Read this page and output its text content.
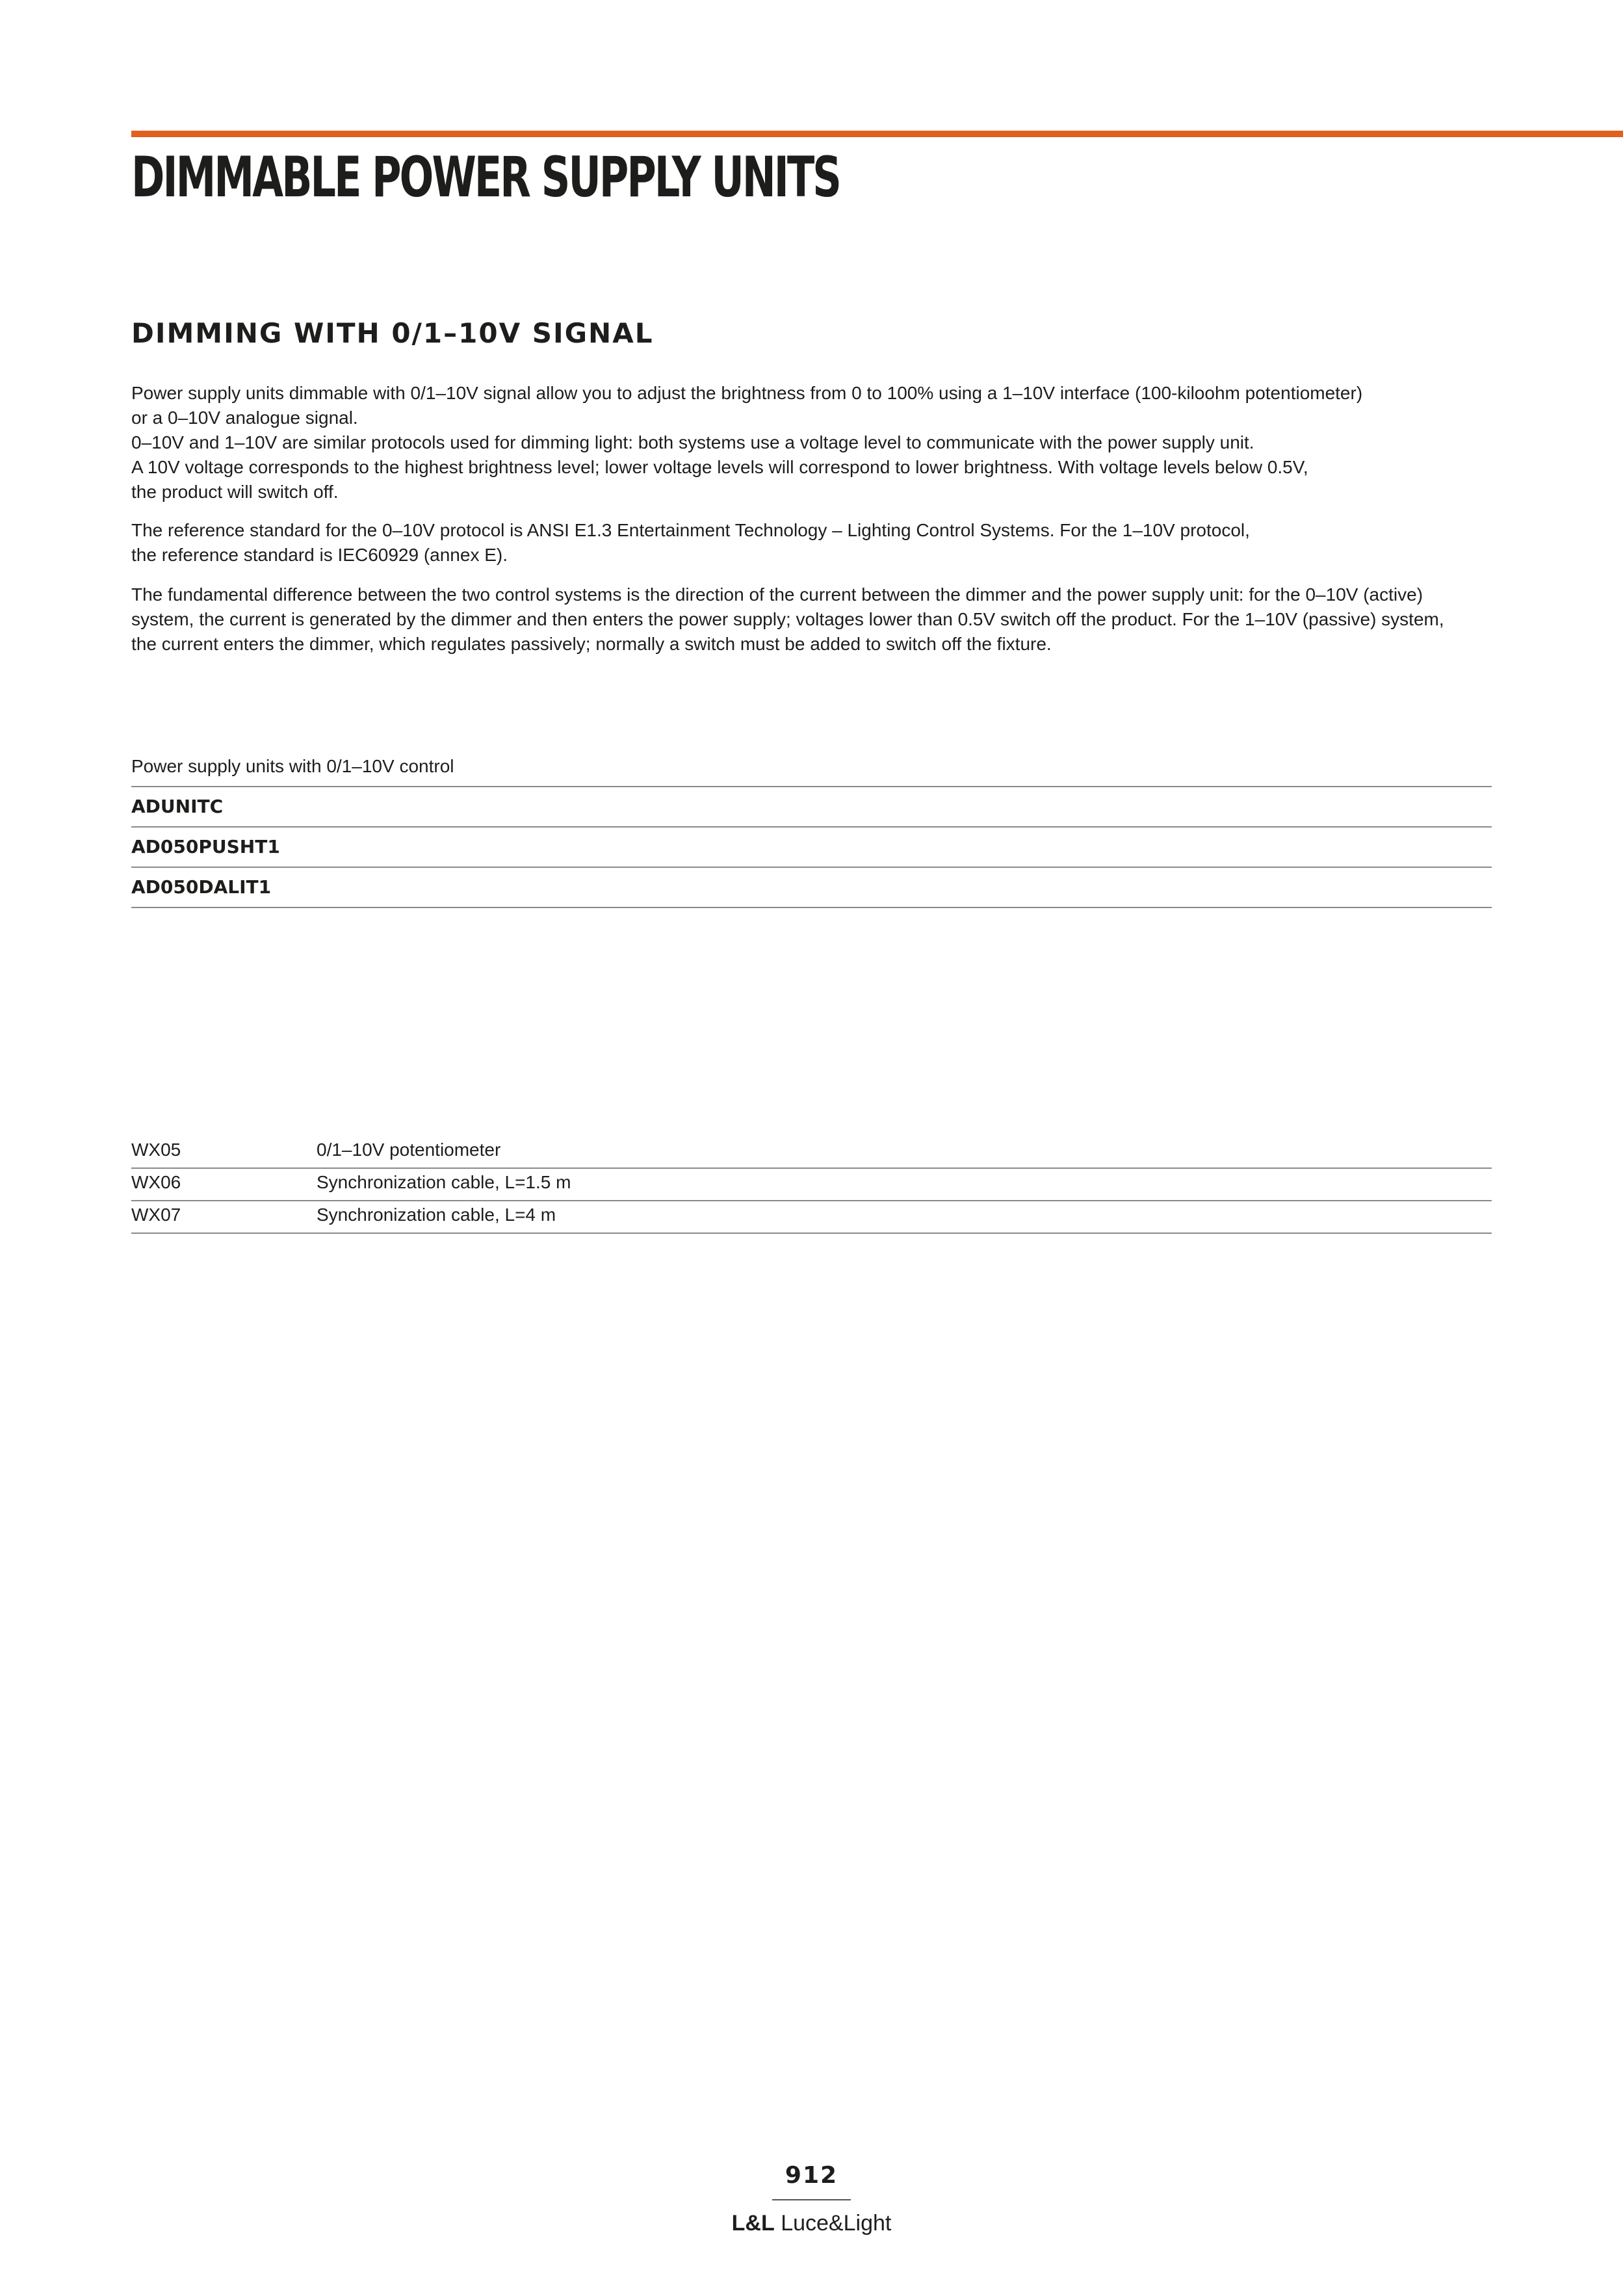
DIMMABLE POWER SUPPLY UNITS
DIMMING WITH 0/1–10V SIGNAL
Power supply units dimmable with 0/1–10V signal allow you to adjust the brightness from 0 to 100% using a 1–10V interface (100-kiloohm potentiometer)
or a 0–10V analogue signal.
0–10V and 1–10V are similar protocols used for dimming light: both systems use a voltage level to communicate with the power supply unit.
A 10V voltage corresponds to the highest brightness level; lower voltage levels will correspond to lower brightness. With voltage levels below 0.5V,
the product will switch off.
The reference standard for the 0–10V protocol is ANSI E1.3 Entertainment Technology – Lighting Control Systems. For the 1–10V protocol,
the reference standard is IEC60929 (annex E).
The fundamental difference between the two control systems is the direction of the current between the dimmer and the power supply unit: for the 0–10V (active)
system, the current is generated by the dimmer and then enters the power supply; voltages lower than 0.5V switch off the product. For the 1–10V (passive) system,
the current enters the dimmer, which regulates passively; normally a switch must be added to switch off the fixture.
Power supply units with 0/1–10V control
ADUNITC
AD050PUSHT1
AD050DALIT1
WX05	0/1–10V potentiometer
WX06	Synchronization cable, L=1.5 m
WX07	Synchronization cable, L=4 m
912
L&L Luce&Light
